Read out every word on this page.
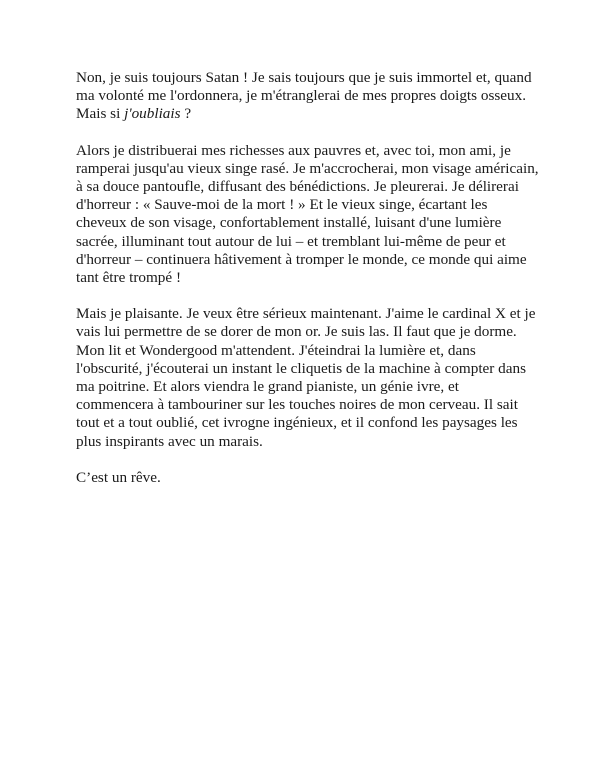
Non, je suis toujours Satan ! Je sais toujours que je suis immortel et, quand
ma volonté me l'ordonnera, je m'étranglerai de mes propres doigts osseux.
Mais si j'oubliais ?

Alors je distribuerai mes richesses aux pauvres et, avec toi, mon ami, je
ramperai jusqu'au vieux singe rasé. Je m'accrocherai, mon visage américain,
à sa douce pantoufle, diffusant des bénédictions. Je pleurerai. Je délirerai
d'horreur : « Sauve-moi de la mort ! » Et le vieux singe, écartant les
cheveux de son visage, confortablement installé, luisant d'une lumière
sacrée, illuminant tout autour de lui – et tremblant lui-même de peur et
d'horreur – continuera hâtivement à tromper le monde, ce monde qui aime
tant être trompé !

Mais je plaisante. Je veux être sérieux maintenant. J'aime le cardinal X et je
vais lui permettre de se dorer de mon or. Je suis las. Il faut que je dorme.
Mon lit et Wondergood m'attendent. J'éteindrai la lumière et, dans
l'obscurité, j'écouterai un instant le cliquetis de la machine à compter dans
ma poitrine. Et alors viendra le grand pianiste, un génie ivre, et
commencera à tambouriner sur les touches noires de mon cerveau. Il sait
tout et a tout oublié, cet ivrogne ingénieux, et il confond les paysages les
plus inspirants avec un marais.

C’est un rêve.
